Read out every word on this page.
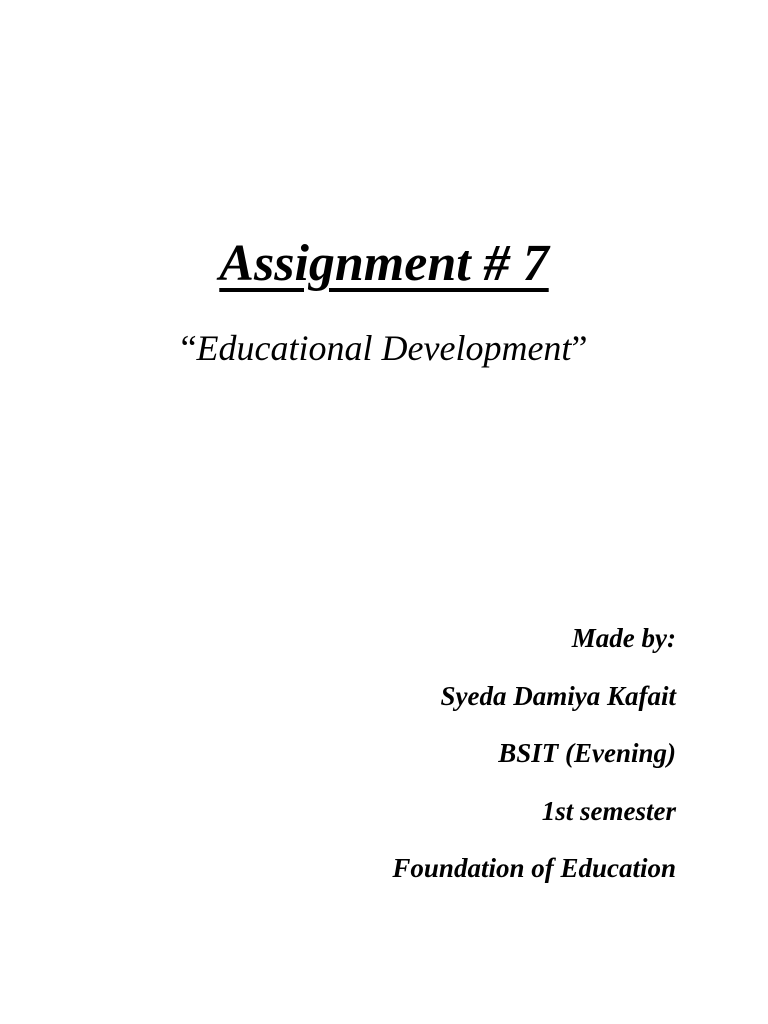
Assignment # 7

“Educational Development”

Made by:
Syeda Damiya Kafait
BSIT (Evening)
1st semester
Foundation of Education
